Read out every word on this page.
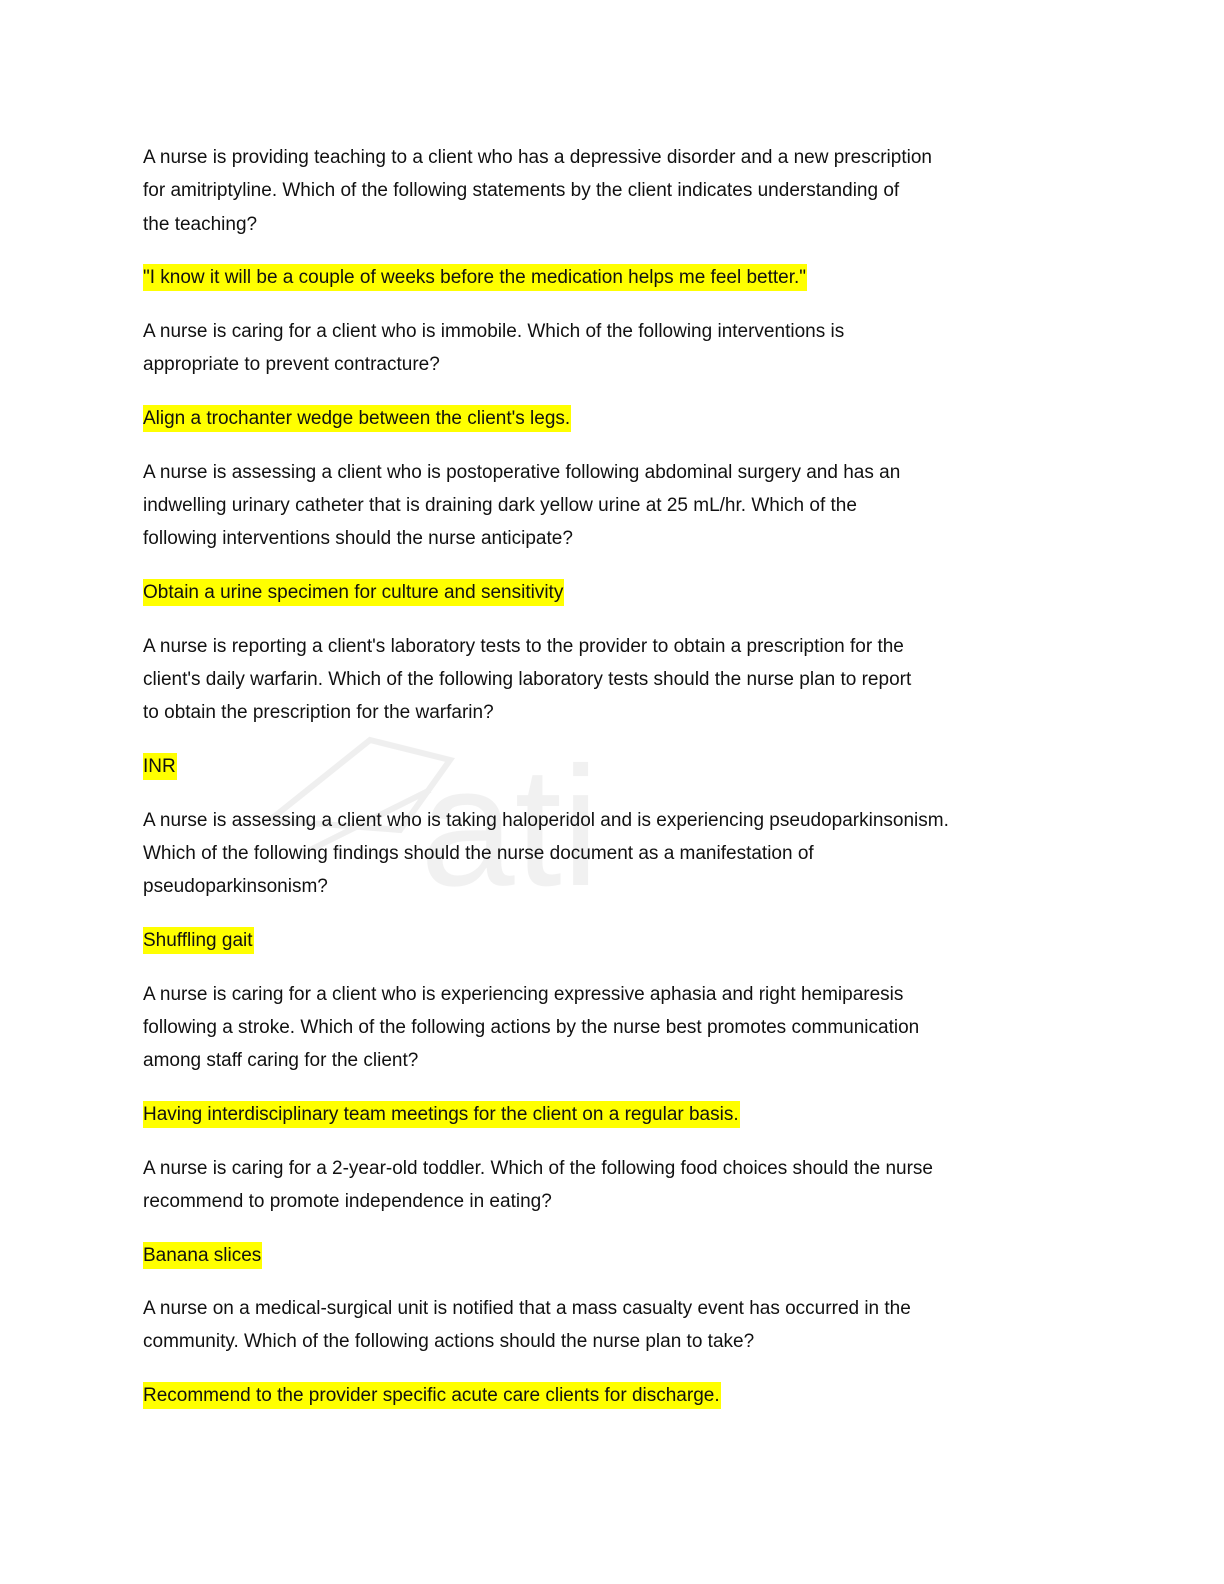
ati

A nurse is providing teaching to a client who has a depressive disorder and a new prescription
for amitriptyline. Which of the following statements by the client indicates understanding of
the teaching?

"I know it will be a couple of weeks before the medication helps me feel better."

A nurse is caring for a client who is immobile. Which of the following interventions is
appropriate to prevent contracture?

Align a trochanter wedge between the client's legs.

A nurse is assessing a client who is postoperative following abdominal surgery and has an
indwelling urinary catheter that is draining dark yellow urine at 25 mL/hr. Which of the
following interventions should the nurse anticipate?

Obtain a urine specimen for culture and sensitivity

A nurse is reporting a client's laboratory tests to the provider to obtain a prescription for the
client's daily warfarin. Which of the following laboratory tests should the nurse plan to report
to obtain the prescription for the warfarin?

INR

A nurse is assessing a client who is taking haloperidol and is experiencing pseudoparkinsonism.
Which of the following findings should the nurse document as a manifestation of
pseudoparkinsonism?

Shuffling gait

A nurse is caring for a client who is experiencing expressive aphasia and right hemiparesis
following a stroke. Which of the following actions by the nurse best promotes communication
among staff caring for the client?

Having interdisciplinary team meetings for the client on a regular basis.

A nurse is caring for a 2-year-old toddler. Which of the following food choices should the nurse
recommend to promote independence in eating?

Banana slices

A nurse on a medical-surgical unit is notified that a mass casualty event has occurred in the
community. Which of the following actions should the nurse plan to take?

Recommend to the provider specific acute care clients for discharge.
